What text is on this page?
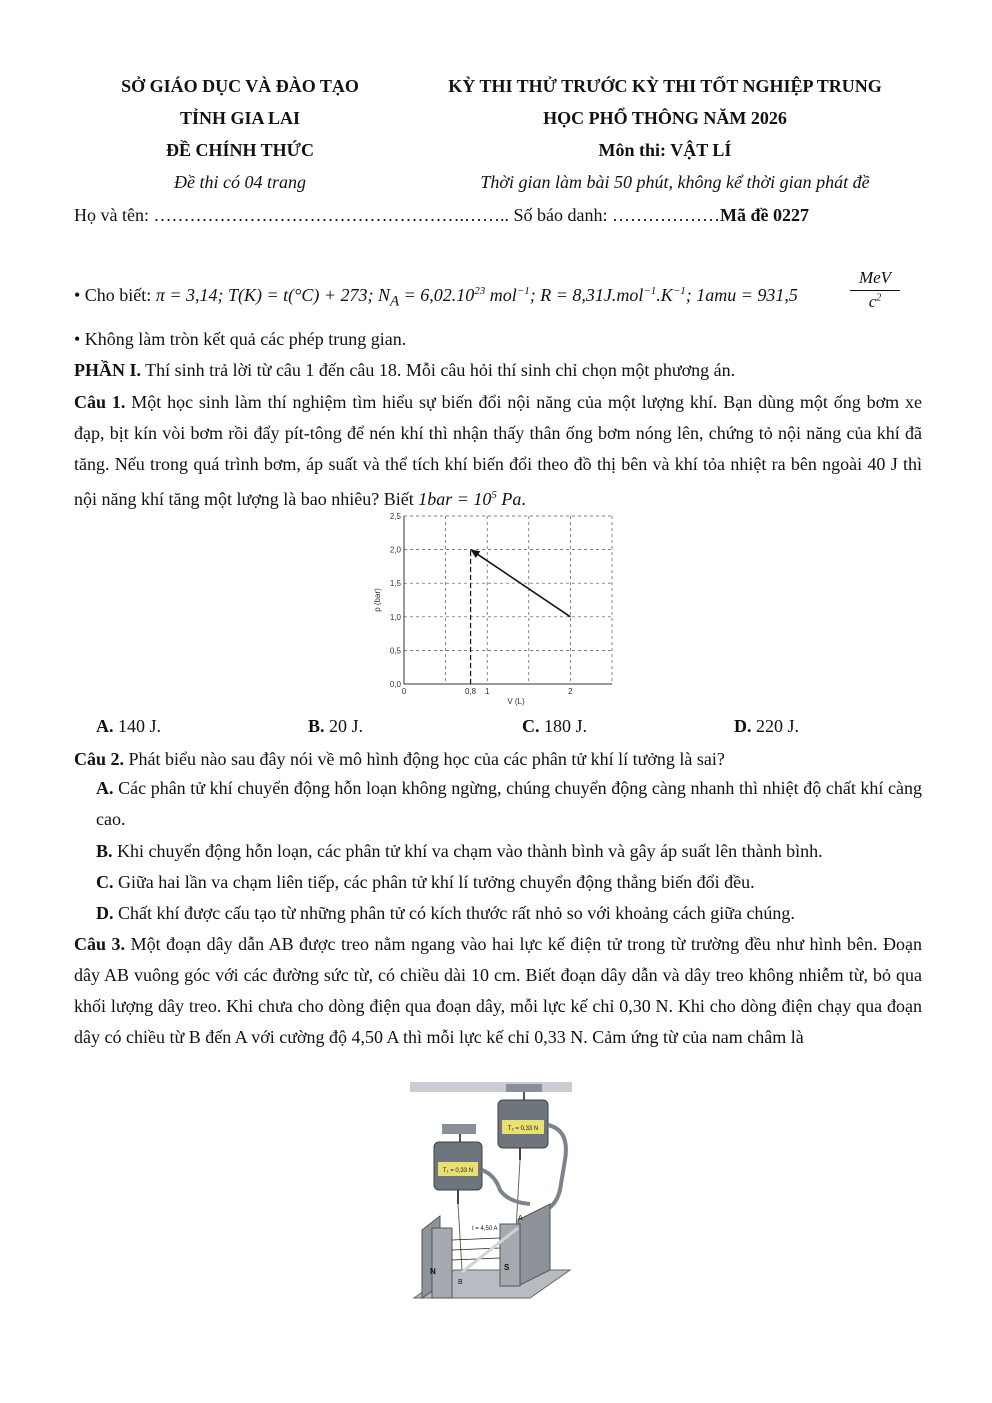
SỞ GIÁO DỤC VÀ ĐÀO TẠO
TỈNH GIA LAI
ĐỀ CHÍNH THỨC
Đề thi có 04 trang
KỲ THI THỬ TRƯỚC KỲ THI TỐT NGHIỆP TRUNG
HỌC PHỔ THÔNG NĂM 2026
Môn thi: VẬT LÍ
Thời gian làm bài 50 phút, không kể thời gian phát đề
Họ và tên: …………………………………………….…….. Số báo danh: ………………Mã đề 0227
• Cho biết: π = 3,14; T(K) = t(°C) + 273; $N_A = 6,02.10^{23}$ mol$^{-1}$; $R = 8,31J.mol^{-1}.K^{-1}$; 1amu = 931,5
MeV
$c^2$
• Không làm tròn kết quả các phép trung gian.
PHẦN I. Thí sinh trả lời từ câu 1 đến câu 18. Mỗi câu hỏi thí sinh chỉ chọn một phương án.
Câu 1. Một học sinh làm thí nghiệm tìm hiểu sự biến đổi nội năng của một lượng khí. Bạn dùng một ống bơm xe đạp, bịt kín vòi bơm rồi đẩy pít-tông để nén khí thì nhận thấy thân ống bơm nóng lên, chứng tỏ nội năng của khí đã tăng. Nếu trong quá trình bơm, áp suất và thể tích khí biến đổi theo đồ thị bên và khí tỏa nhiệt ra bên ngoài 40 J thì nội năng khí tăng một lượng là bao nhiêu? Biết $1bar = 10^5$ Pa.
0,0
0,5
1,0
1,5
2,0
2,5
0	0,8 1	2
V (L)
p (bar)
A. 140 J.	B. 20 J.	C. 180 J.	D. 220 J.
Câu 2. Phát biểu nào sau đây nói về mô hình động học của các phân tử khí lí tưởng là sai?
A. Các phân tử khí chuyển động hỗn loạn không ngừng, chúng chuyển động càng nhanh thì nhiệt độ chất khí càng cao.
B. Khi chuyển động hỗn loạn, các phân tử khí va chạm vào thành bình và gây áp suất lên thành bình.
C. Giữa hai lần va chạm liên tiếp, các phân tử khí lí tưởng chuyển động thẳng biến đổi đều.
D. Chất khí được cấu tạo từ những phân tử có kích thước rất nhỏ so với khoảng cách giữa chúng.
Câu 3. Một đoạn dây dẫn AB được treo nằm ngang vào hai lực kế điện tử trong từ trường đều như hình bên. Đoạn dây AB vuông góc với các đường sức từ, có chiều dài 10 cm. Biết đoạn dây dẫn và dây treo không nhiễm từ, bỏ qua khối lượng dây treo. Khi chưa cho dòng điện qua đoạn dây, mỗi lực kế chỉ 0,30 N. Khi cho dòng điện chạy qua đoạn dây có chiều từ B đến A với cường độ 4,50 A thì mỗi lực kế chỉ 0,33 N. Cảm ứng từ của nam châm là
T₂ = 0,33 N
T₁ = 0,33 N
N	S
I = 4,50 A
A
B
